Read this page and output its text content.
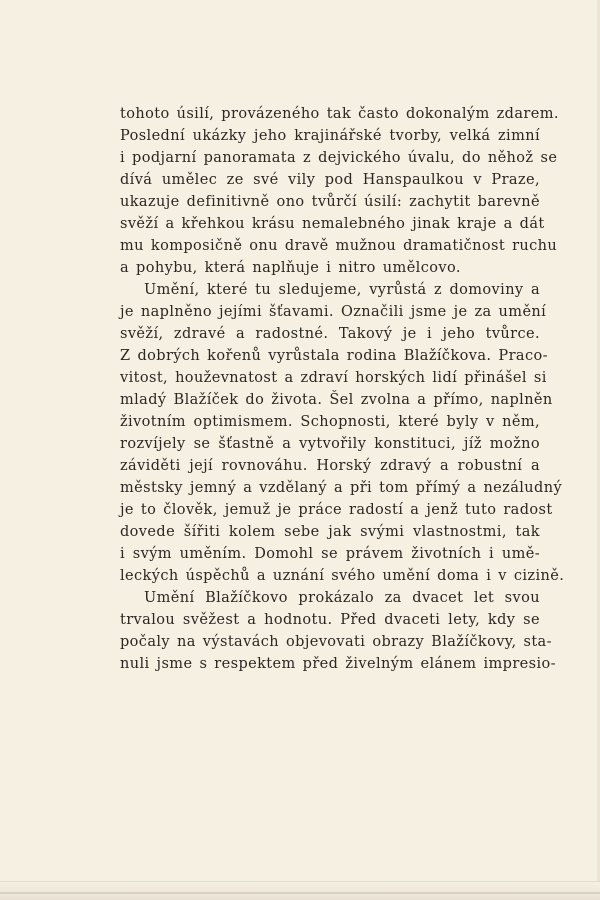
tohoto úsilí, provázeného tak často dokonalým zdarem.
Poslední ukázky jeho krajinářské tvorby, velká zimní
i podjarní panoramata z dejvického úvalu, do něhož se
dívá umělec ze své vily pod Hanspaulkou v Praze,
ukazuje definitivně ono tvůrčí úsilí: zachytit barevně
svěží a křehkou krásu nemalebného jinak kraje a dát
mu komposičně onu dravě mužnou dramatičnost ruchu
a pohybu, která naplňuje i nitro umělcovo.
Umění, které tu sledujeme, vyrůstá z domoviny a
je naplněno jejími šťavami. Označili jsme je za umění
svěží, zdravé a radostné. Takový je i jeho tvůrce.
Z dobrých kořenů vyrůstala rodina Blažíčkova. Praco-
vitost, houževnatost a zdraví horských lidí přinášel si
mladý Blažíček do života. Šel zvolna a přímo, naplněn
životním optimismem. Schopnosti, které byly v něm,
rozvíjely se šťastně a vytvořily konstituci, jíž možno
záviděti její rovnováhu. Horský zdravý a robustní a
městsky jemný a vzdělaný a při tom přímý a nezáludný
je to člověk, jemuž je práce radostí a jenž tuto radost
dovede šířiti kolem sebe jak svými vlastnostmi, tak
i svým uměním. Domohl se právem životních i umě-
leckých úspěchů a uznání svého umění doma i v cizině.
Umění Blažíčkovo prokázalo za dvacet let svou
trvalou svěžest a hodnotu. Před dvaceti lety, kdy se
počaly na výstavách objevovati obrazy Blažíčkovy, sta-
nuli jsme s respektem před živelným elánem impresio-
